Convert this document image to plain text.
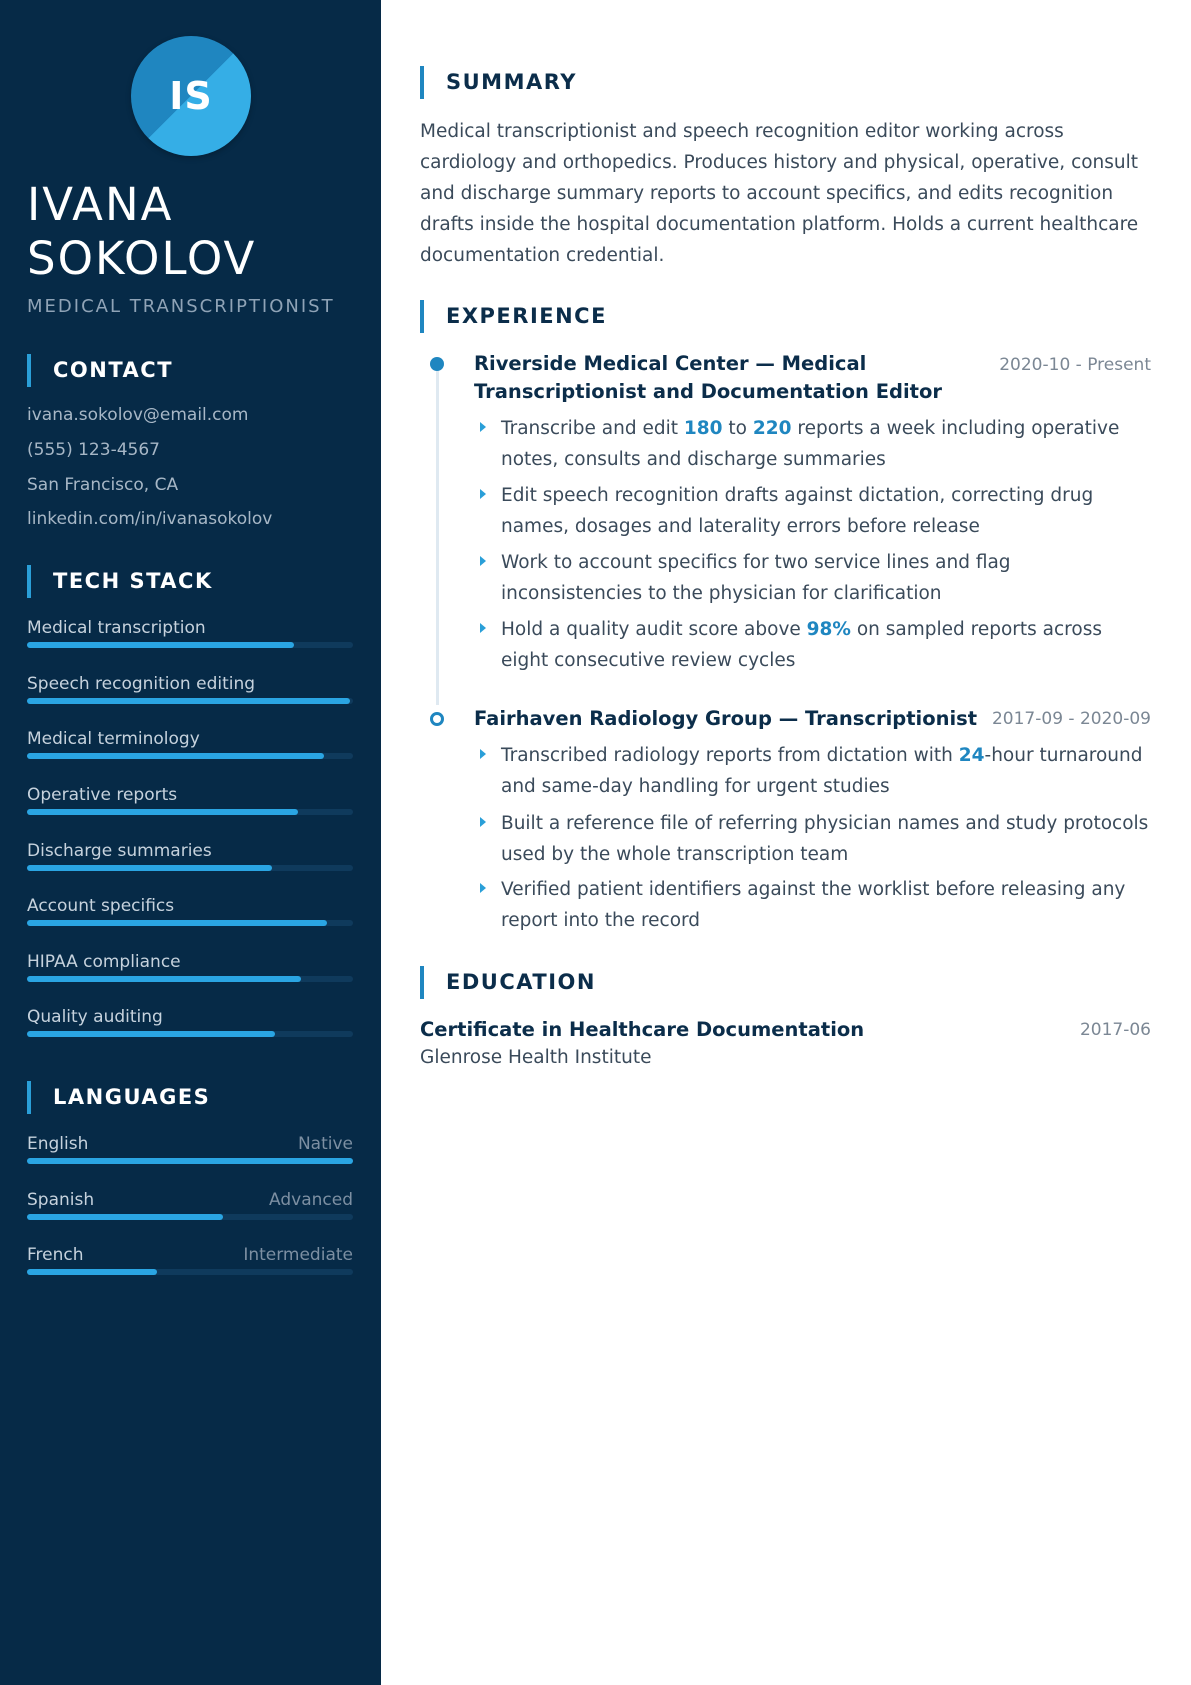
IS
IVANA
SOKOLOV
MEDICAL TRANSCRIPTIONIST
CONTACT
ivana.sokolov@email.com
(555) 123-4567
San Francisco, CA
linkedin.com/in/ivanasokolov
TECH STACK
Medical transcription
Speech recognition editing
Medical terminology
Operative reports
Discharge summaries
Account specifics
HIPAA compliance
Quality auditing
LANGUAGES
English	Native
Spanish	Advanced
French	Intermediate
SUMMARY

Medical transcriptionist and speech recognition editor working across cardiology and orthopedics. Produces history and physical, operative, consult and discharge summary reports to account specifics, and edits recognition drafts inside the hospital documentation platform. Holds a current healthcare documentation credential.

EXPERIENCE
Riverside Medical Center — Medical
Transcriptionist and Documentation Editor
2020-10 - Present
Transcribe and edit 180 to 220 reports a week including operative notes, consults and discharge summaries
Edit speech recognition drafts against dictation, correcting drug names, dosages and laterality errors before release
Work to account specifics for two service lines and flag inconsistencies to the physician for clarification
Hold a quality audit score above 98% on sampled reports across eight consecutive review cycles
Fairhaven Radiology Group — Transcriptionist 2017-09 - 2020-09
Transcribed radiology reports from dictation with 24-hour turnaround and same-day handling for urgent studies
Built a reference file of referring physician names and study protocols used by the whole transcription team
Verified patient identifiers against the worklist before releasing any report into the record
EDUCATION
Certificate in Healthcare Documentation	2017-06
Glenrose Health Institute
